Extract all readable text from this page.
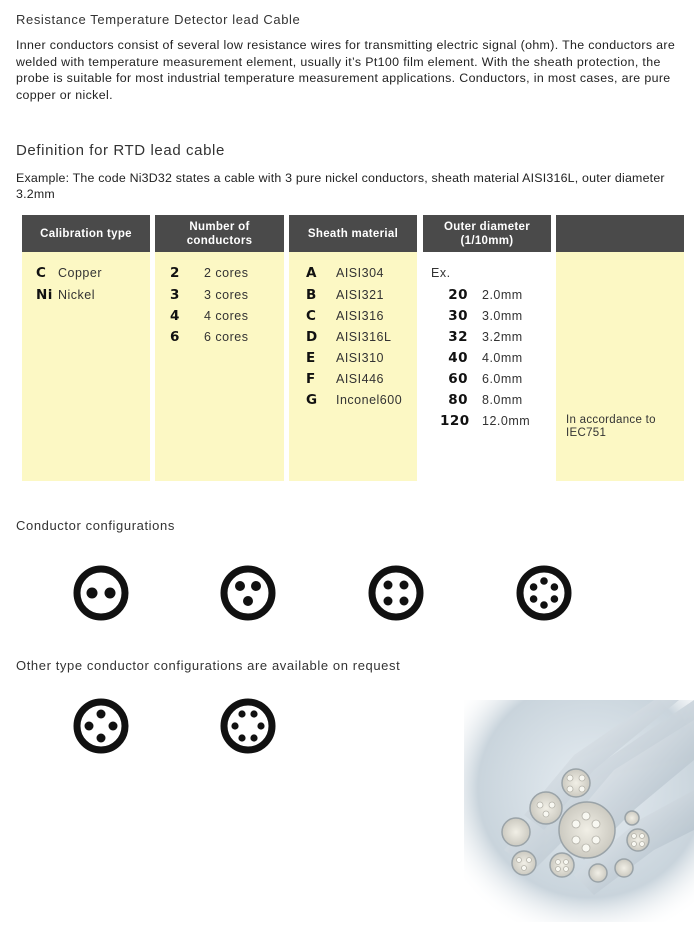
Resistance Temperature Detector lead Cable
Inner conductors consist of several low resistance wires for transmitting electric signal (ohm). The conductors are welded with temperature measurement element, usually it’s Pt100 film element. With the sheath protection, the probe is suitable for most industrial temperature measurement applications. Conductors, in most cases, are pure copper or nickel.
Definition for RTD lead cable
Example: The code Ni3D32 states a cable with 3 pure nickel conductors, sheath material AISI316L, outer diameter 3.2mm
Calibration type
Number of
conductors
Sheath material
Outer diameter
(1/10mm)
C Copper
Ni Nickel
2 2 cores
3 3 cores
4 4 cores
6 6 cores
A AISI304
B AISI321
C AISI316
D AISI316L
E AISI310
F AISI446
G Inconel600
Ex.
20 2.0mm
30 3.0mm
32 3.2mm
40 4.0mm
60 6.0mm
80 8.0mm
120 12.0mm	In accordance to
IEC751
Conductor configurations
Other type conductor configurations are available on request
